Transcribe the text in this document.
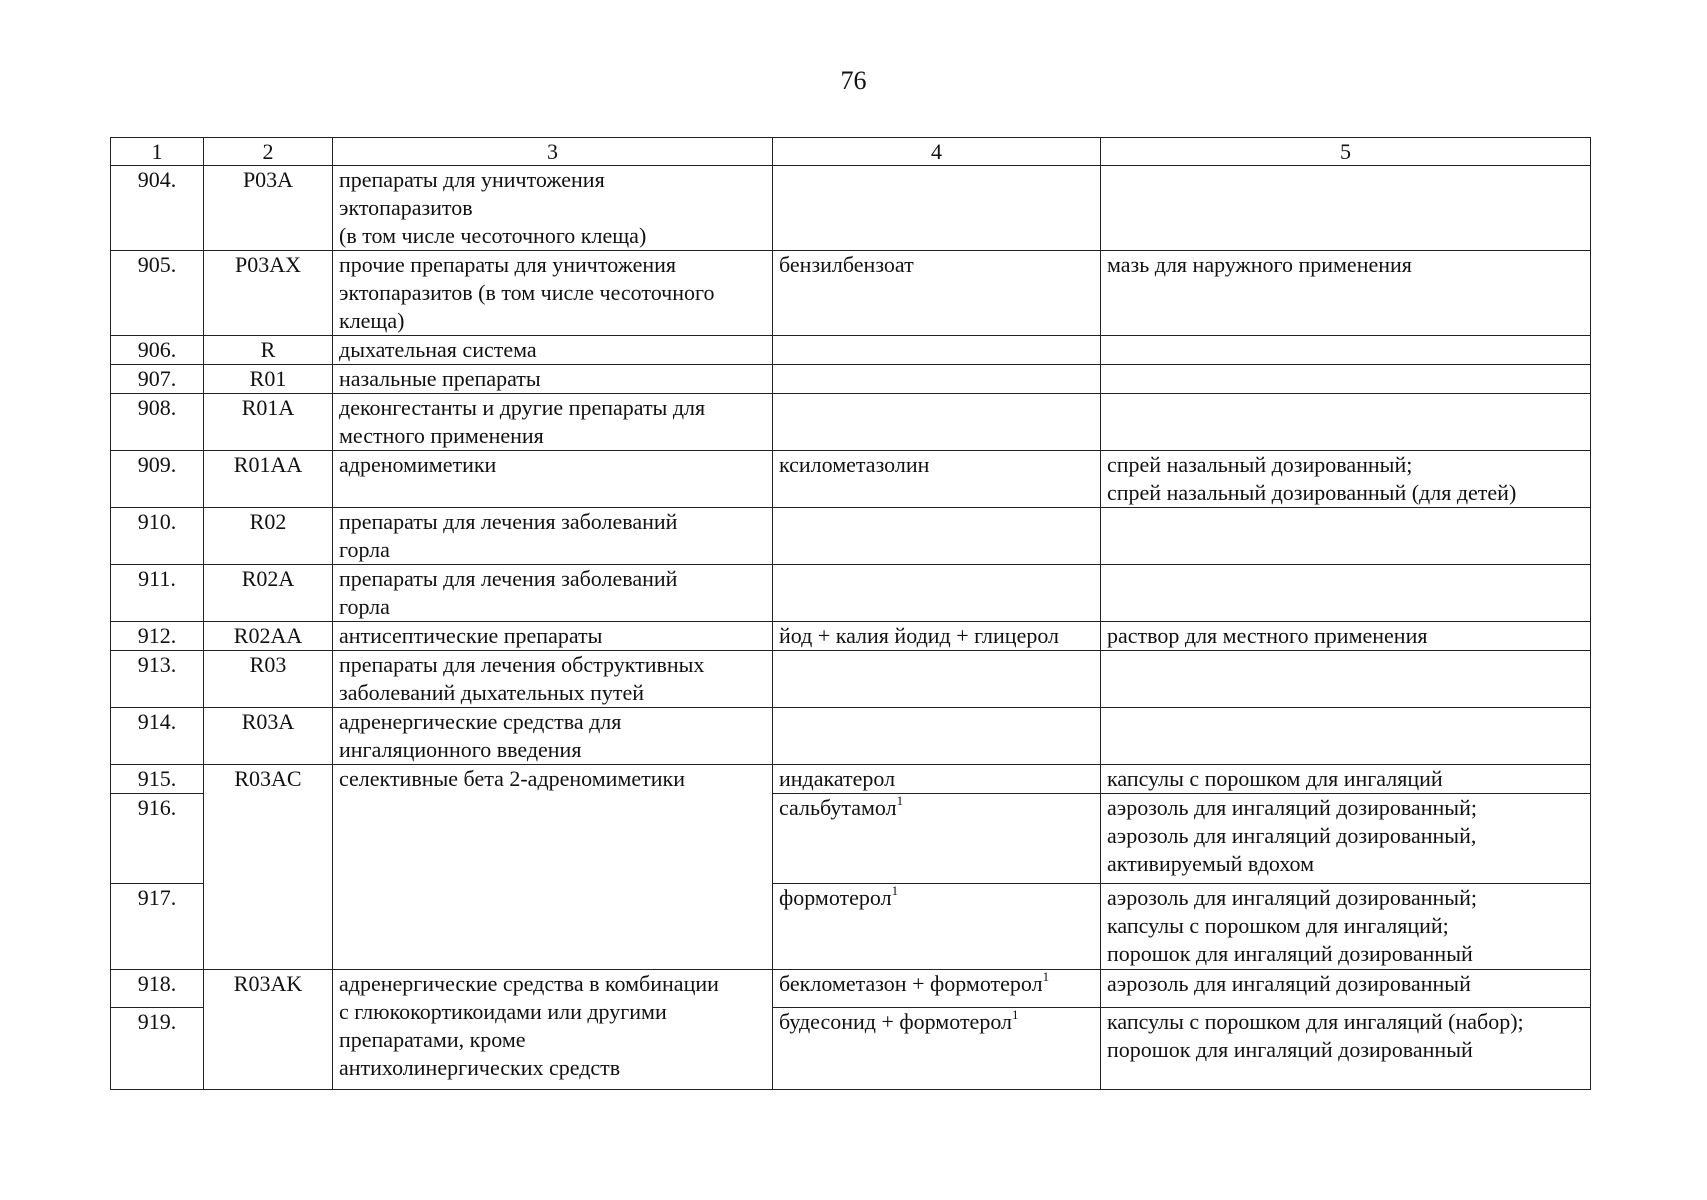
76
1	2	3	4	5
904.	P03A	препараты для уничтожения
эктопаразитов
(в том числе чесоточного клеща)		

905.	P03AX	прочие препараты для уничтожения
эктопаразитов (в том числе чесоточного
клеща)	бензилбензоат	мазь для наружного применения

906.	R	дыхательная система		

907.	R01	назальные препараты		

908.	R01A	деконгестанты и другие препараты для
местного применения		

909.	R01AA	адреномиметики	ксилометазолин	спрей назальный дозированный;
спрей назальный дозированный (для детей)

910.	R02	препараты для лечения заболеваний
горла		

911.	R02A	препараты для лечения заболеваний
горла		

912.	R02AA	антисептические препараты	йод + калия йодид + глицерол	раствор для местного применения

913.	R03	препараты для лечения обструктивных
заболеваний дыхательных путей		

914.	R03A	адренергические средства для
ингаляционного введения		

915.	R03AC	селективные бета 2-адреномиметики	индакатерол	капсулы с порошком для ингаляций

916.			сальбутамол$^1$	аэрозоль для ингаляций дозированный;
аэрозоль для ингаляций дозированный,
активируемый вдохом

917.			формотерол$^1$	аэрозоль для ингаляций дозированный;
капсулы с порошком для ингаляций;
порошок для ингаляций дозированный

918.	R03AK	адренергические средства в комбинации
с глюкокортикоидами или другими
препаратами, кроме
антихолинергических средств	беклометазон + формотерол$^1$	аэрозоль для ингаляций дозированный

919.			будесонид + формотерол$^1$	капсулы с порошком для ингаляций (набор);
порошок для ингаляций дозированный
